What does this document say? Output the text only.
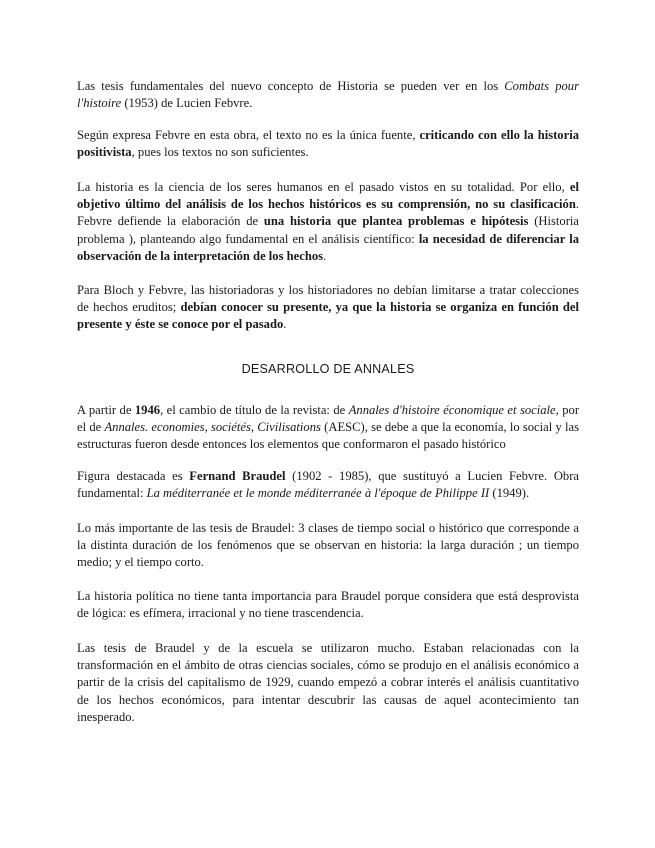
Las tesis fundamentales del nuevo concepto de Historia se pueden ver en los Combats pour l'histoire (1953) de Lucien Febvre.

Según expresa Febvre en esta obra, el texto no es la única fuente, criticando con ello la historia positivista, pues los textos no son suficientes.

La historia es la ciencia de los seres humanos en el pasado vistos en su totalidad. Por ello, el objetivo último del análisis de los hechos históricos es su comprensión, no su clasificación. Febvre defiende la elaboración de una historia que plantea problemas e hipótesis (Historia problema ), planteando algo fundamental en el análisis científico: la necesidad de diferenciar la observación de la interpretación de los hechos.

Para Bloch y Febvre, las historiadoras y los historiadores no debían limitarse a tratar colecciones de hechos eruditos; debían conocer su presente, ya que la historia se organiza en función del presente y éste se conoce por el pasado.

DESARROLLO DE ANNALES

A partir de 1946, el cambio de título de la revista: de Annales d'histoire économique et sociale, por el de Annales. economies, sociétés, Civilisations (AESC), se debe a que la economía, lo social y las estructuras fueron desde entonces los elementos que conformaron el pasado histórico

Figura destacada es Fernand Braudel (1902 - 1985), que sustituyó a Lucien Febvre. Obra fundamental: La méditerranée et le monde méditerranée à l'époque de Philippe II (1949).

Lo más importante de las tesis de Braudel: 3 clases de tiempo social o histórico que corresponde a la distinta duración de los fenómenos que se observan en historia: la larga duración ; un tiempo medio; y el tiempo corto.

La historia política no tiene tanta importancia para Braudel porque considera que está desprovista de lógica: es efímera, irracional y no tiene trascendencia.

Las tesis de Braudel y de la escuela se utilizaron mucho. Estaban relacionadas con la transformación en el ámbito de otras ciencias sociales, cómo se produjo en el análisis económico a partir de la crisis del capitalismo de 1929, cuando empezó a cobrar interés el análisis cuantitativo de los hechos económicos, para intentar descubrir las causas de aquel acontecimiento tan inesperado.
